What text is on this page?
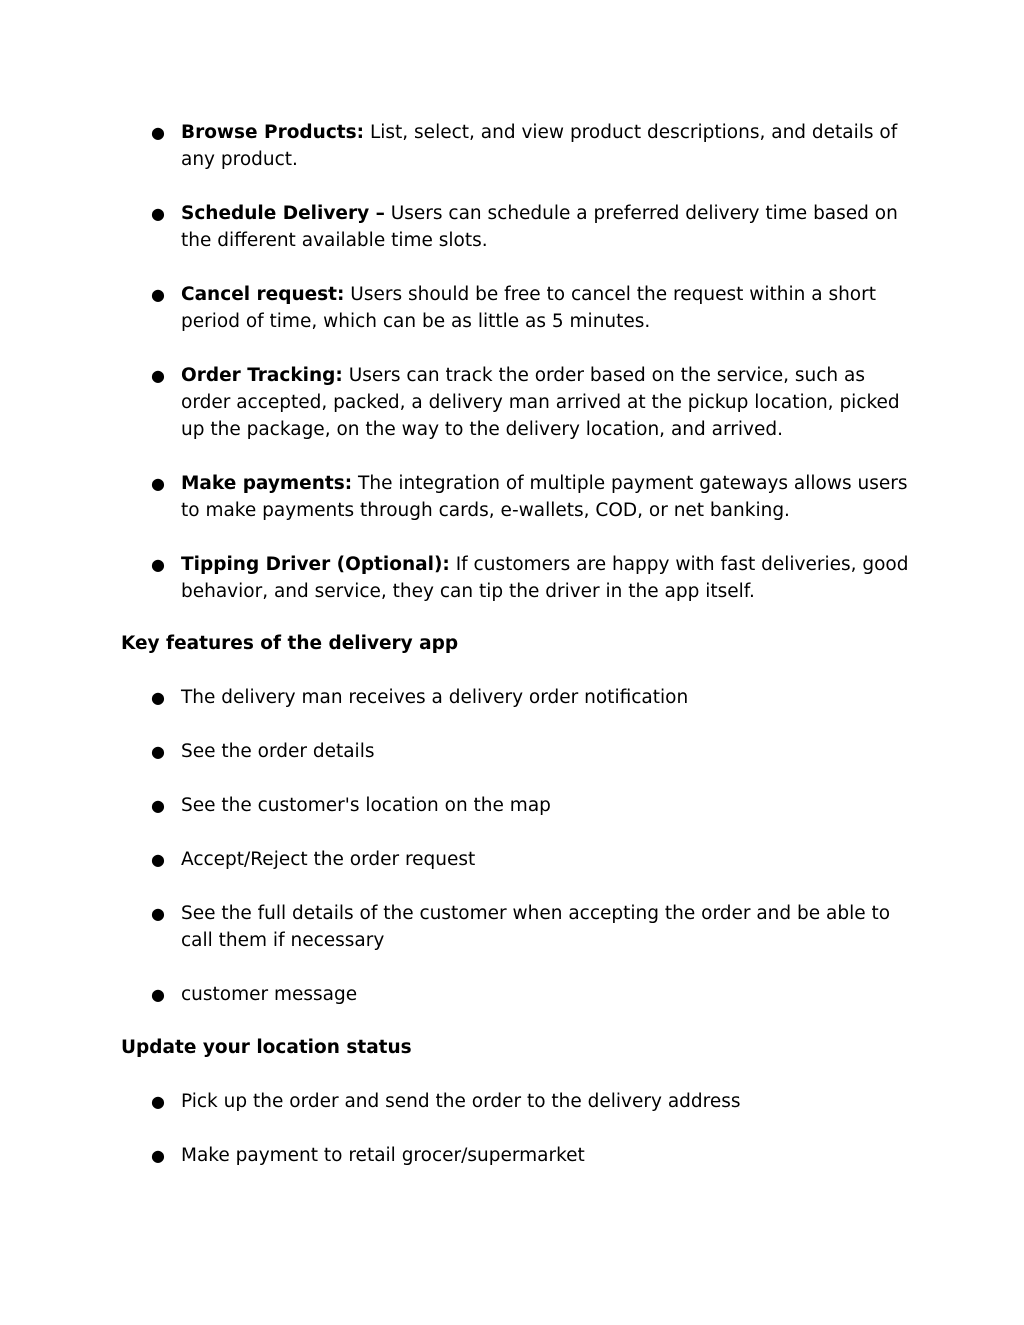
● Browse Products: List, select, and view product descriptions, and details of any product.
● Schedule Delivery – Users can schedule a preferred delivery time based on the different available time slots.
● Cancel request: Users should be free to cancel the request within a short period of time, which can be as little as 5 minutes.
● Order Tracking: Users can track the order based on the service, such as order accepted, packed, a delivery man arrived at the pickup location, picked up the package, on the way to the delivery location, and arrived.
● Make payments: The integration of multiple payment gateways allows users to make payments through cards, e-wallets, COD, or net banking.
● Tipping Driver (Optional): If customers are happy with fast deliveries, good behavior, and service, they can tip the driver in the app itself.

Key features of the delivery app

● The delivery man receives a delivery order notification
● See the order details
● See the customer's location on the map
● Accept/Reject the order request
● See the full details of the customer when accepting the order and be able to call them if necessary
● customer message

Update your location status

● Pick up the order and send the order to the delivery address
● Make payment to retail grocer/supermarket
